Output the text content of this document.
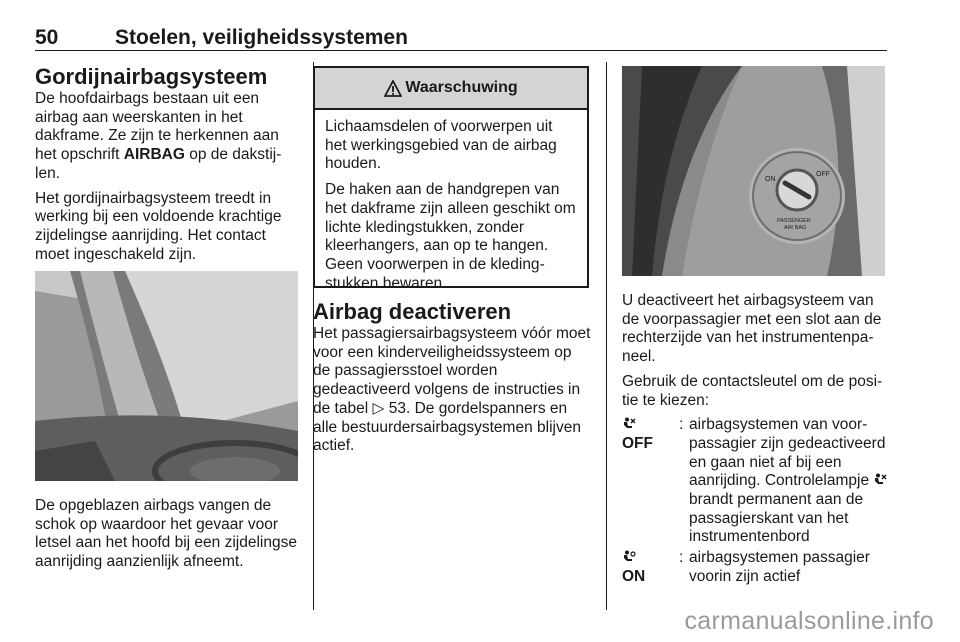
50	Stoelen, veiligheidssystemen
Gordijnairbagsysteem

De hoofdairbags bestaan uit een airbag aan weerskanten in het dakframe. Ze zijn te herkennen aan het opschrift AIRBAG op de dakstijlen.

Het gordijnairbagsysteem treedt in werking bij een voldoende krachtige zijdelingse aanrijding. Het contact moet ingeschakeld zijn.

De opgeblazen airbags vangen de schok op waardoor het gevaar voor letsel aan het hoofd bij een zijdelingse aanrijding aanzienlijk afneemt.

Waarschuwing

Lichaamsdelen of voorwerpen uit het werkingsgebied van de airbag houden.

De haken aan de handgrepen van het dakframe zijn alleen geschikt om lichte kledingstukken, zonder kleerhangers, aan op te hangen. Geen voorwerpen in de kledingstukken bewaren.

Airbag deactiveren

Het passagiersairbagsysteem vóór moet voor een kinderveiligheidssysteem op de passagiersstoel worden gedeactiveerd volgens de instructies in de tabel ▷ 53. De gordelspanners en alle bestuurdersairbagsystemen blijven actief.

ON
OFF
PASSENGER
AIR BAG

U deactiveert het airbagsysteem van de voorpassagier met een slot aan de rechterzijde van het instrumentenpaneel.

Gebruik de contactsleutel om de positie te kiezen:

OFF
: airbagsystemen van voorpassagier zijn gedeactiveerd en gaan niet af bij een aanrijding. Controlelampje  brandt permanent aan de passagierskant van het instrumentenbord

ON
: airbagsystemen passagier voorin zijn actief
carmanualsonline.info
